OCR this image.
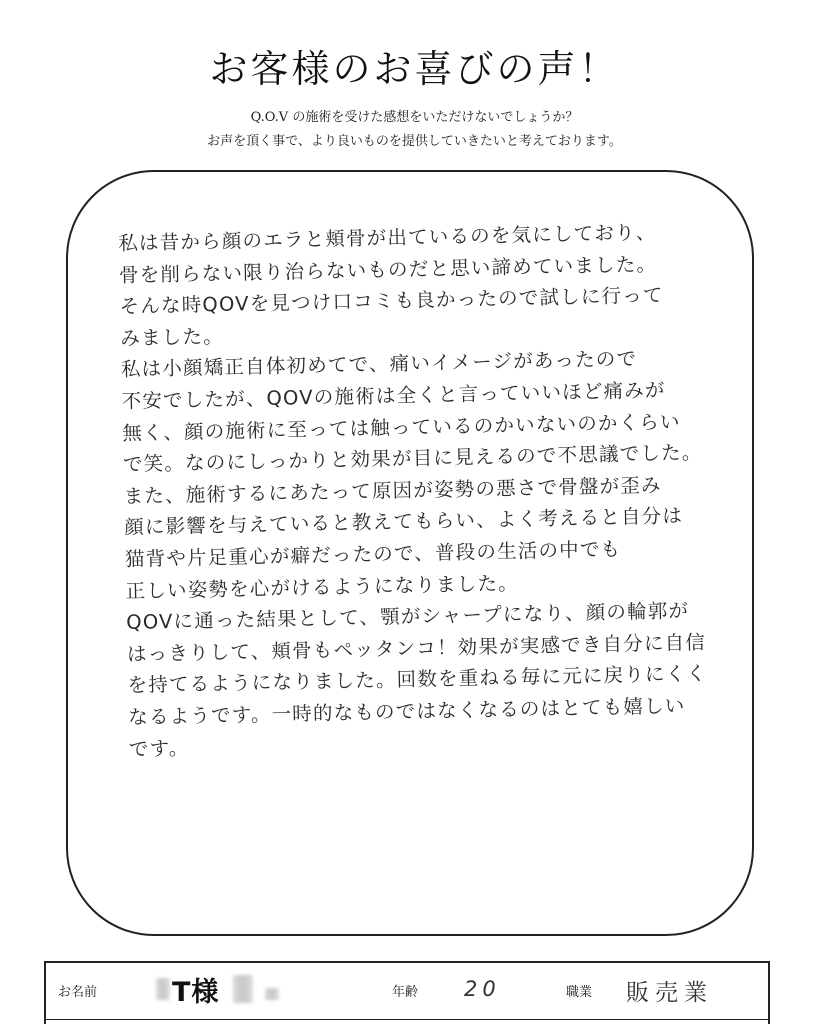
お客様のお喜びの声！
Q.O.V の施術を受けた感想をいただけないでしょうか？
お声を頂く事で、より良いものを提供していきたいと考えております。
私は昔から顔のエラと頬骨が出ているのを気にしており、
骨を削らない限り治らないものだと思い諦めていました。
そんな時QOVを見つけ口コミも良かったので試しに行って
みました。
私は小顔矯正自体初めてで、痛いイメージがあったので
不安でしたが、QOVの施術は全くと言っていいほど痛みが
無く、顔の施術に至っては触っているのかいないのかくらい
で笑。なのにしっかりと効果が目に見えるので不思議でした。
また、施術するにあたって原因が姿勢の悪さで骨盤が歪み
顔に影響を与えていると教えてもらい、よく考えると自分は
猫背や片足重心が癖だったので、普段の生活の中でも
正しい姿勢を心がけるようになりました。
QOVに通った結果として、顎がシャープになり、顔の輪郭が
はっきりして、頬骨もペッタンコ！効果が実感でき自分に自信
を持てるようになりました。回数を重ねる毎に元に戻りにくく
なるようです。一時的なものではなくなるのはとても嬉しい
です。
お名前	T様	年齢 20	職業 販売業
